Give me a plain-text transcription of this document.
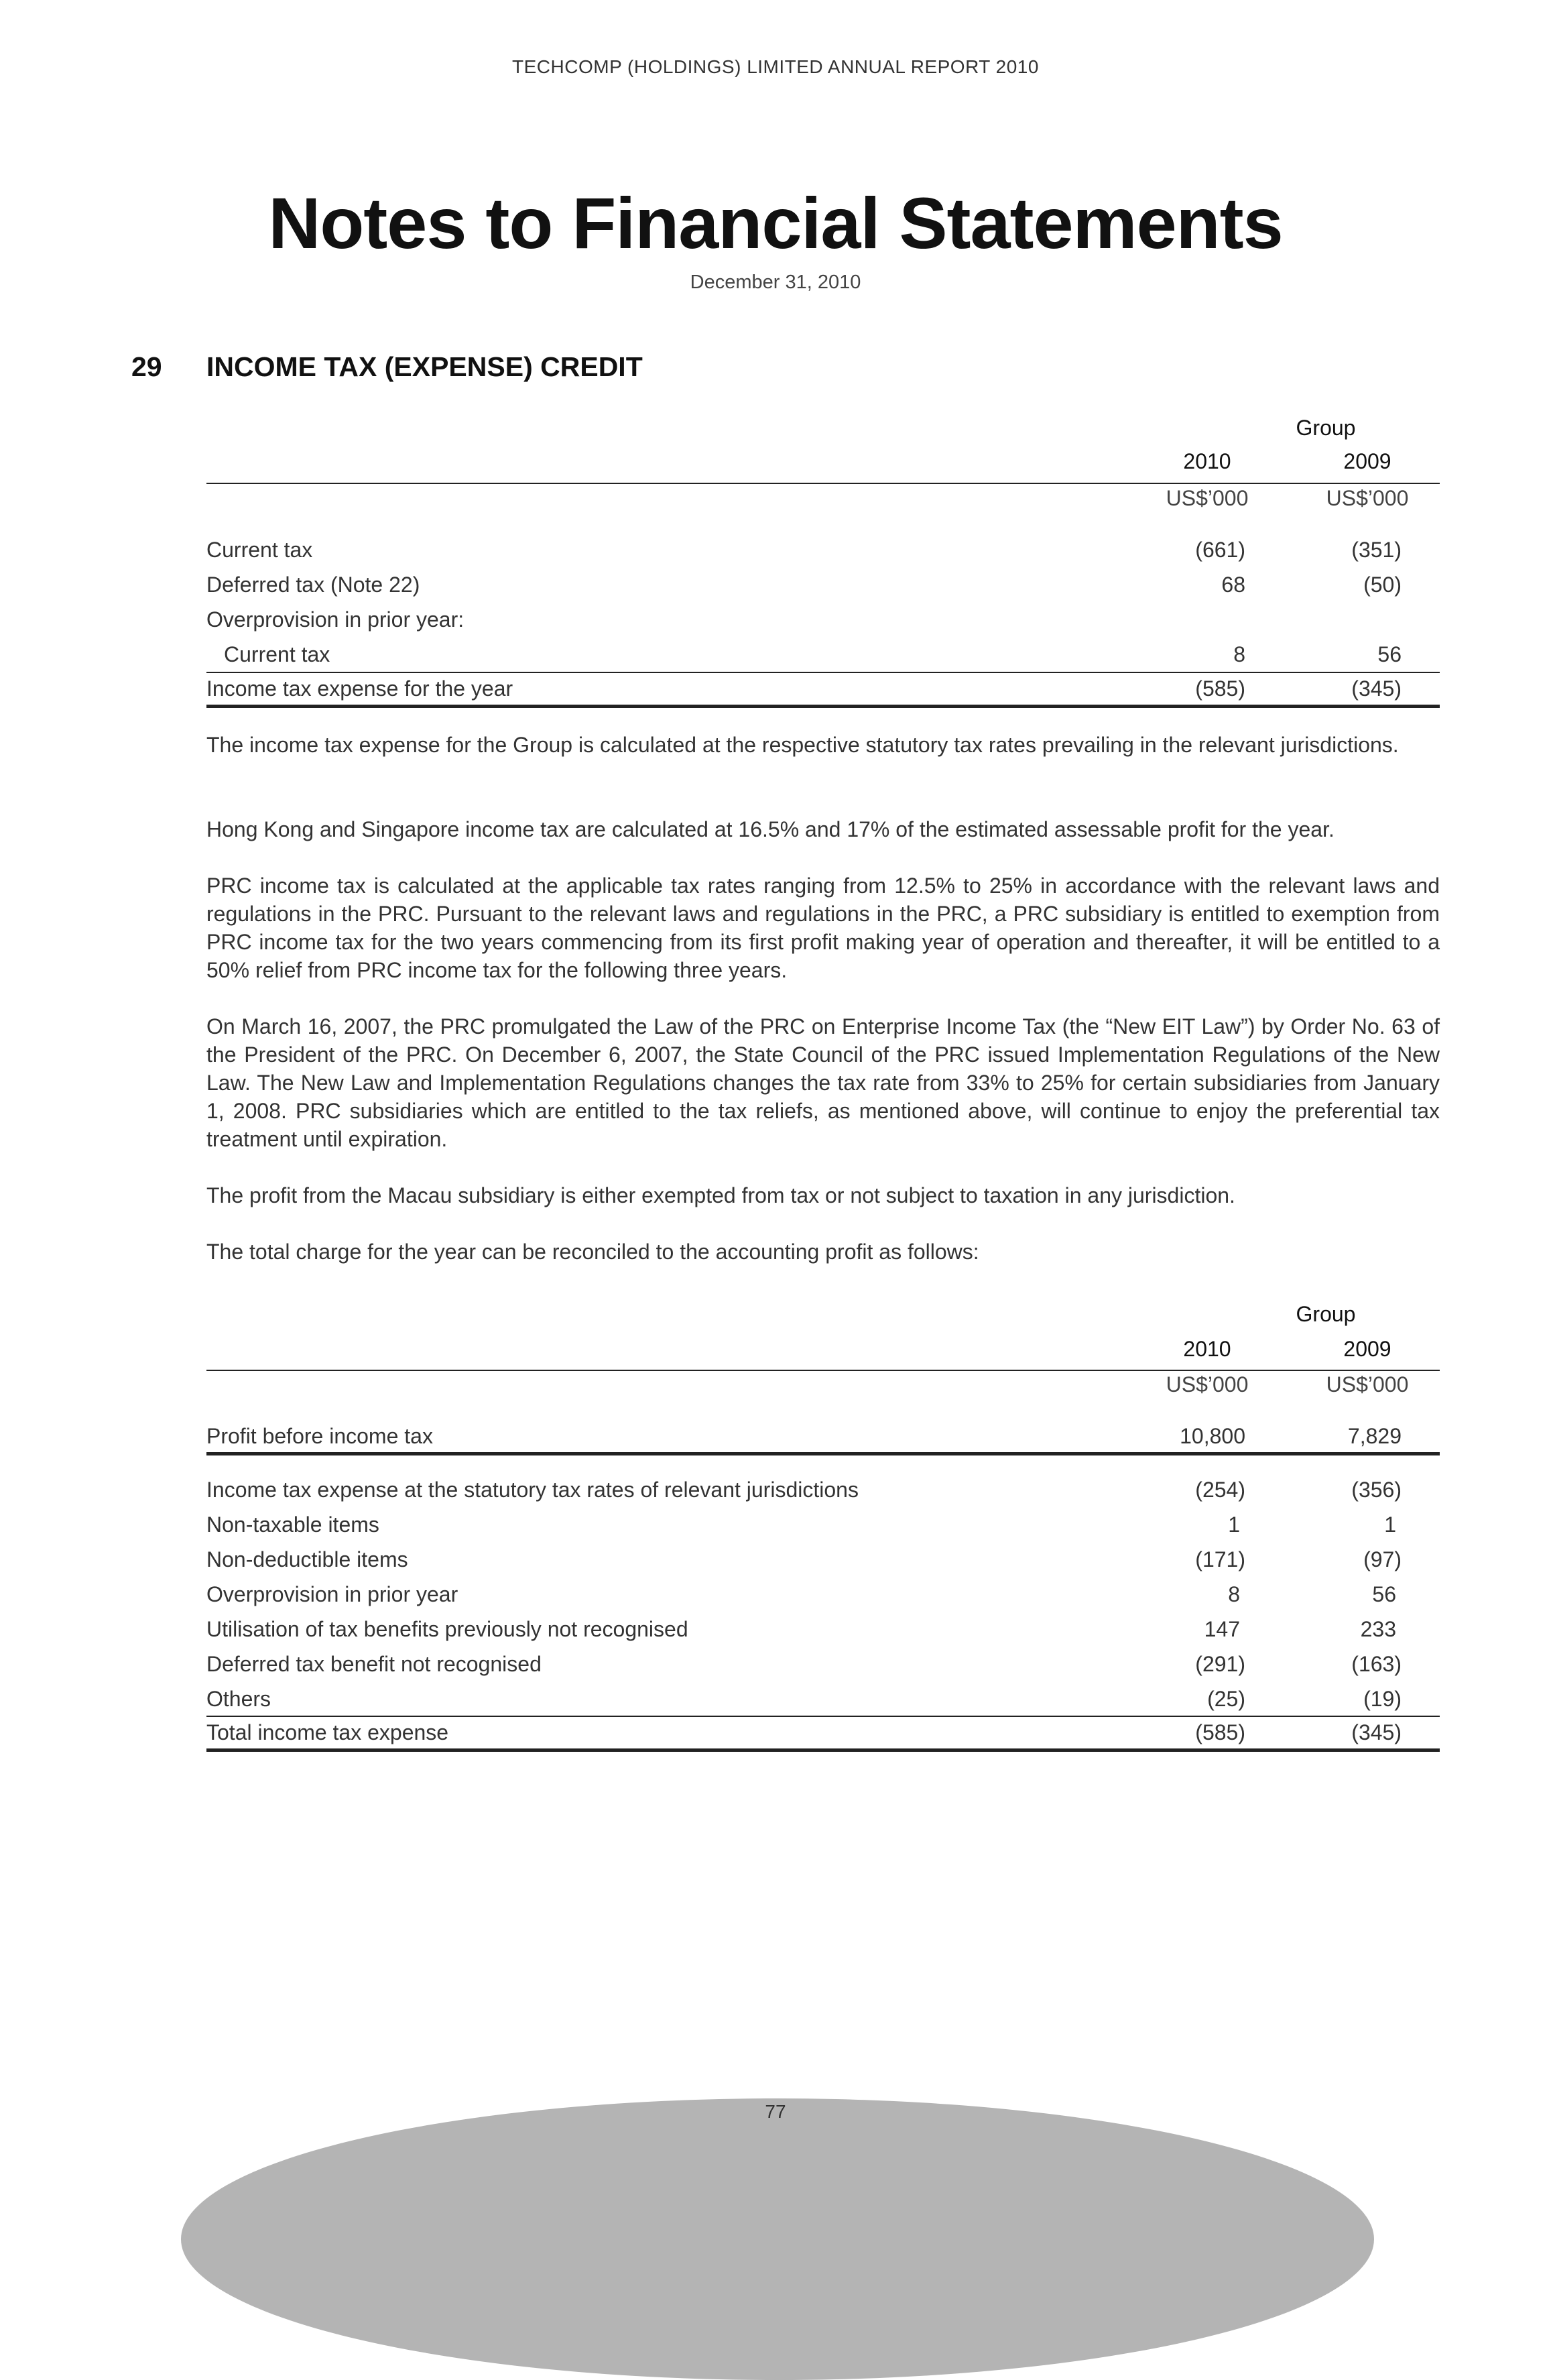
TECHCOMP (HOLDINGS) LIMITED ANNUAL REPORT 2010
Notes to Financial Statements
December 31, 2010
29 INCOME TAX (EXPENSE) CREDIT
Group
2010	2009
US$’000	US$’000
Current tax	(661)	(351)
Deferred tax (Note 22)	68	(50)
Overprovision in prior year:
Current tax	8	56
Income tax expense for the year	(585)	(345)

The income tax expense for the Group is calculated at the respective statutory tax rates prevailing in the relevant jurisdictions.

Hong Kong and Singapore income tax are calculated at 16.5% and 17% of the estimated assessable profit for the year.

PRC income tax is calculated at the applicable tax rates ranging from 12.5% to 25% in accordance with the relevant laws and regulations in the PRC. Pursuant to the relevant laws and regulations in the PRC, a PRC subsidiary is entitled to exemption from PRC income tax for the two years commencing from its first profit making year of operation and thereafter, it will be entitled to a 50% relief from PRC income tax for the following three years.

On March 16, 2007, the PRC promulgated the Law of the PRC on Enterprise Income Tax (the “New EIT Law”) by Order No. 63 of the President of the PRC. On December 6, 2007, the State Council of the PRC issued Implementation Regulations of the New Law. The New Law and Implementation Regulations changes the tax rate from 33% to 25% for certain subsidiaries from January 1, 2008. PRC subsidiaries which are entitled to the tax reliefs, as mentioned above, will continue to enjoy the preferential tax treatment until expiration.

The profit from the Macau subsidiary is either exempted from tax or not subject to taxation in any jurisdiction.

The total charge for the year can be reconciled to the accounting profit as follows:

Group
2010	2009
US$’000	US$’000
Profit before income tax	10,800	7,829
Income tax expense at the statutory tax rates of relevant jurisdictions	(254)	(356)
Non-taxable items	1	1
Non-deductible items	(171)	(97)
Overprovision in prior year	8	56
Utilisation of tax benefits previously not recognised	147	233
Deferred tax benefit not recognised	(291)	(163)
Others	(25)	(19)
Total income tax expense	(585)	(345)
77
